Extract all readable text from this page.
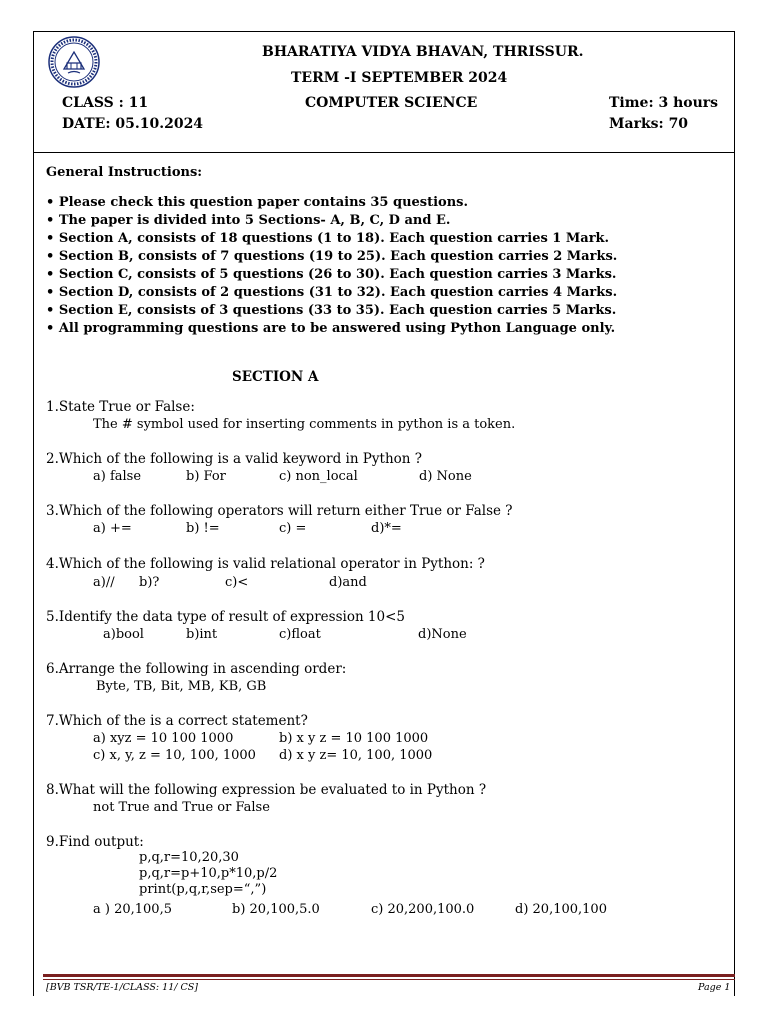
BHARATIYA VIDYA BHAVAN, THRISSUR.
TERM -I SEPTEMBER 2024
CLASS : 11	COMPUTER SCIENCE	Time: 3 hours
DATE: 05.10.2024	Marks: 70
General Instructions:
• Please check this question paper contains 35 questions.
• The paper is divided into 5 Sections- A, B, C, D and E.
• Section A, consists of 18 questions (1 to 18). Each question carries 1 Mark.
• Section B, consists of 7 questions (19 to 25). Each question carries 2 Marks.
• Section C, consists of 5 questions (26 to 30). Each question carries 3 Marks.
• Section D, consists of 2 questions (31 to 32). Each question carries 4 Marks.
• Section E, consists of 3 questions (33 to 35). Each question carries 5 Marks.
• All programming questions are to be answered using Python Language only.
SECTION A
1.State True or False:
The # symbol used for inserting comments in python is a token.
2.Which of the following is a valid keyword in Python ?
a) false	b) For	c) non_local	d) None
3.Which of the following operators will return either True or False ?
a) +=	b) !=	c) =	d)*=
4.Which of the following is valid relational operator in Python: ?
a)// b)?	c)<	d)and
5.Identify the data type of result of expression 10<5
a)bool	b)int	c)float	d)None
6.Arrange the following in ascending order:
Byte, TB, Bit, MB, KB, GB
7.Which of the is a correct statement?
a) xyz = 10 100 1000	b) x y z = 10 100 1000
c) x, y, z = 10, 100, 1000 d) x y z= 10, 100, 1000
8.What will the following expression be evaluated to in Python ?
not True and True or False
9.Find output:
p,q,r=10,20,30
p,q,r=p+10,p*10,p/2
print(p,q,r,sep=“,”)
a ) 20,100,5	b) 20,100,5.0	c) 20,200,100.0	d) 20,100,100
[BVB TSR/TE-1/CLASS: 11/ CS]	Page 1
